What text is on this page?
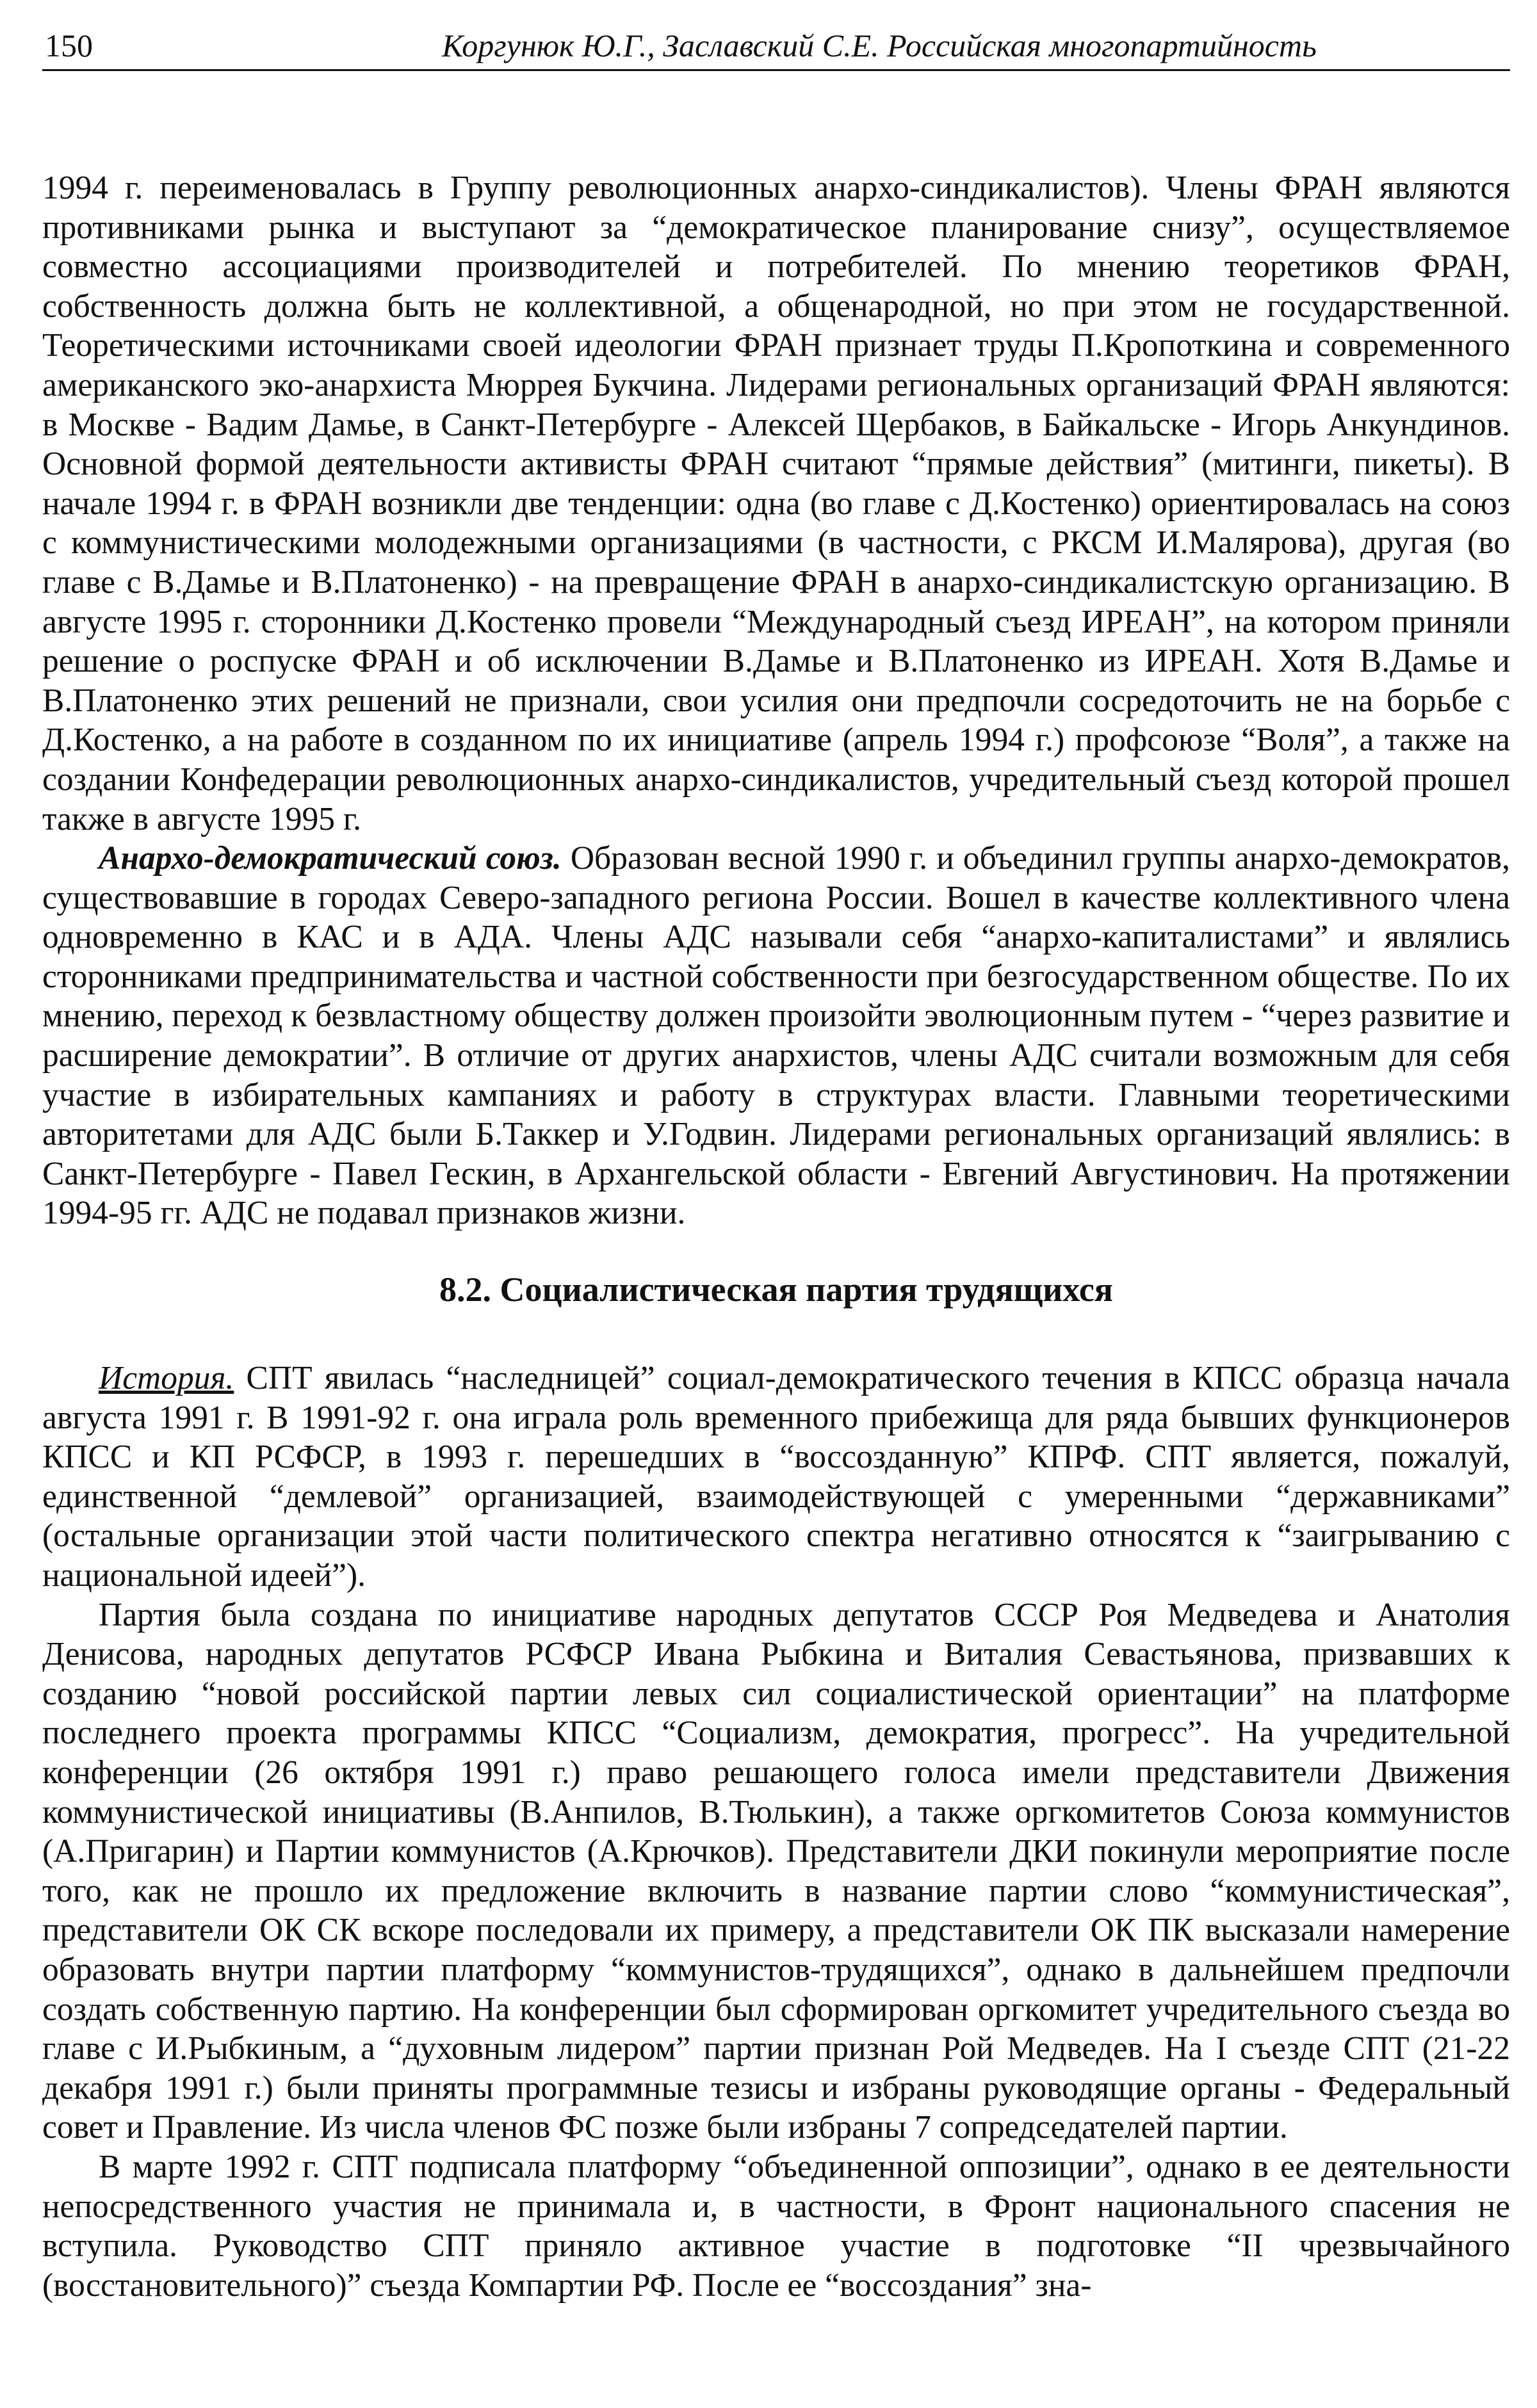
150	Коргунюк Ю.Г., Заславский С.Е. Российская многопартийность

1994 г. переименовалась в Группу революционных анархо-синдикалистов). Члены ФРАН являются противниками рынка и выступают за “демократическое планирование снизу”, осуществляемое совместно ассоциациями производителей и потребителей. По мнению теоретиков ФРАН, собственность должна быть не коллективной, а общенародной, но при этом не государственной. Теоретическими источниками своей идеологии ФРАН признает труды П.Кропоткина и современного американского эко-анархиста Мюррея Букчина. Лидерами региональных организаций ФРАН являются: в Москве - Вадим Дамье, в Санкт-Петербурге - Алексей Щербаков, в Байкальске - Игорь Анкундинов. Основной формой деятельности активисты ФРАН считают “прямые действия” (митинги, пикеты). В начале 1994 г. в ФРАН возникли две тенденции: одна (во главе с Д.Костенко) ориентировалась на союз с коммунистическими молодежными организациями (в частности, с РКСМ И.Малярова), другая (во главе с В.Дамье и В.Платоненко) - на превращение ФРАН в анархо-синдикалистскую организацию. В августе 1995 г. сторонники Д.Костенко провели “Международный съезд ИРЕАН”, на котором приняли решение о роспуске ФРАН и об исключении В.Дамье и В.Платоненко из ИРЕАН. Хотя В.Дамье и В.Платоненко этих решений не признали, свои усилия они предпочли сосредоточить не на борьбе с Д.Костенко, а на работе в созданном по их инициативе (апрель 1994 г.) профсоюзе “Воля”, а также на создании Конфедерации революционных анархо-синдикалистов, учредительный съезд которой прошел также в августе 1995 г.

Анархо-демократический союз. Образован весной 1990 г. и объединил группы анархо-демократов, существовавшие в городах Северо-западного региона России. Вошел в качестве коллективного члена одновременно в КАС и в АДА. Члены АДС называли себя “анархо-капиталистами” и являлись сторонниками предпринимательства и частной собственности при безгосударственном обществе. По их мнению, переход к безвластному обществу должен произойти эволюционным путем - “через развитие и расширение демократии”. В отличие от других анархистов, члены АДС считали возможным для себя участие в избирательных кампаниях и работу в структурах власти. Главными теоретическими авторитетами для АДС были Б.Таккер и У.Годвин. Лидерами региональных организаций являлись: в Санкт-Петербурге - Павел Гескин, в Архангельской области - Евгений Августинович. На протяжении 1994-95 гг. АДС не подавал признаков жизни.

8.2. Социалистическая партия трудящихся

История. СПТ явилась “наследницей” социал-демократического течения в КПСС образца начала августа 1991 г. В 1991-92 г. она играла роль временного прибежища для ряда бывших функционеров КПСС и КП РСФСР, в 1993 г. перешедших в “воссозданную” КПРФ. СПТ является, пожалуй, единственной “демлевой” организацией, взаимодействующей с умеренными “державниками” (остальные организации этой части политического спектра негативно относятся к “заигрыванию с национальной идеей”).

Партия была создана по инициативе народных депутатов СССР Роя Медведева и Анатолия Денисова, народных депутатов РСФСР Ивана Рыбкина и Виталия Севастьянова, призвавших к созданию “новой российской партии левых сил социалистической ориентации” на платформе последнего проекта программы КПСС “Социализм, демократия, прогресс”. На учредительной конференции (26 октября 1991 г.) право решающего голоса имели представители Движения коммунистической инициативы (В.Анпилов, В.Тюлькин), а также оргкомитетов Союза коммунистов (А.Пригарин) и Партии коммунистов (А.Крючков). Представители ДКИ покинули мероприятие после того, как не прошло их предложение включить в название партии слово “коммунистическая”, представители ОК СК вскоре последовали их примеру, а представители ОК ПК высказали намерение образовать внутри партии платформу “коммунистов-трудящихся”, однако в дальнейшем предпочли создать собственную партию. На конференции был сформирован оргкомитет учредительного съезда во главе с И.Рыбкиным, а “духовным лидером” партии признан Рой Медведев. На I съезде СПТ (21-22 декабря 1991 г.) были приняты программные тезисы и избраны руководящие органы - Федеральный совет и Правление. Из числа членов ФС позже были избраны 7 сопредседателей партии.

В марте 1992 г. СПТ подписала платформу “объединенной оппозиции”, однако в ее деятельности непосредственного участия не принимала и, в частности, в Фронт национального спасения не вступила. Руководство СПТ приняло активное участие в подготовке “II чрезвычайного (восстановительного)” съезда Компартии РФ. После ее “воссоздания” зна-
